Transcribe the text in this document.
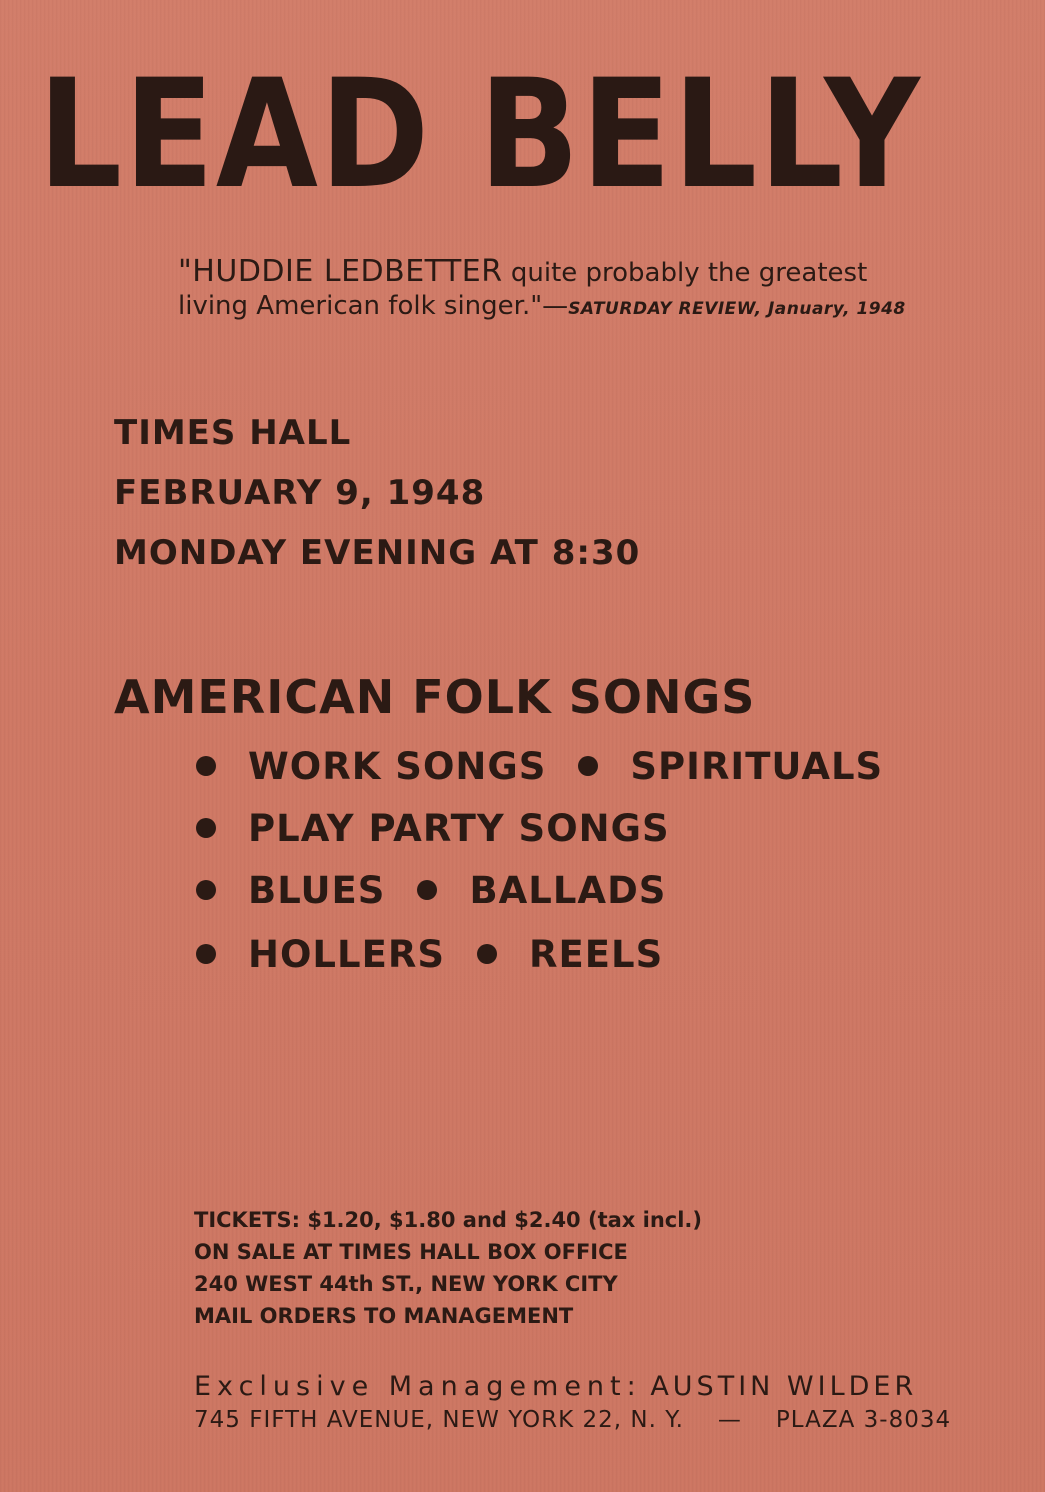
LEAD BELLY
"HUDDIE LEDBETTER quite probably the greatest
living American folk singer."—SATURDAY REVIEW, January, 1948
TIMES HALL
FEBRUARY 9, 1948
MONDAY EVENING AT 8:30
AMERICAN FOLK SONGS
WORK SONGS SPIRITUALS
PLAY PARTY SONGS
BLUES BALLADS
HOLLERS REELS
TICKETS: $1.20, $1.80 and $2.40 (tax incl.)
ON SALE AT TIMES HALL BOX OFFICE
240 WEST 44th ST., NEW YORK CITY
MAIL ORDERS TO MANAGEMENT
Exclusive Management: AUSTIN WILDER
745 FIFTH AVENUE, NEW YORK 22, N. Y. — PLAZA 3-8034
